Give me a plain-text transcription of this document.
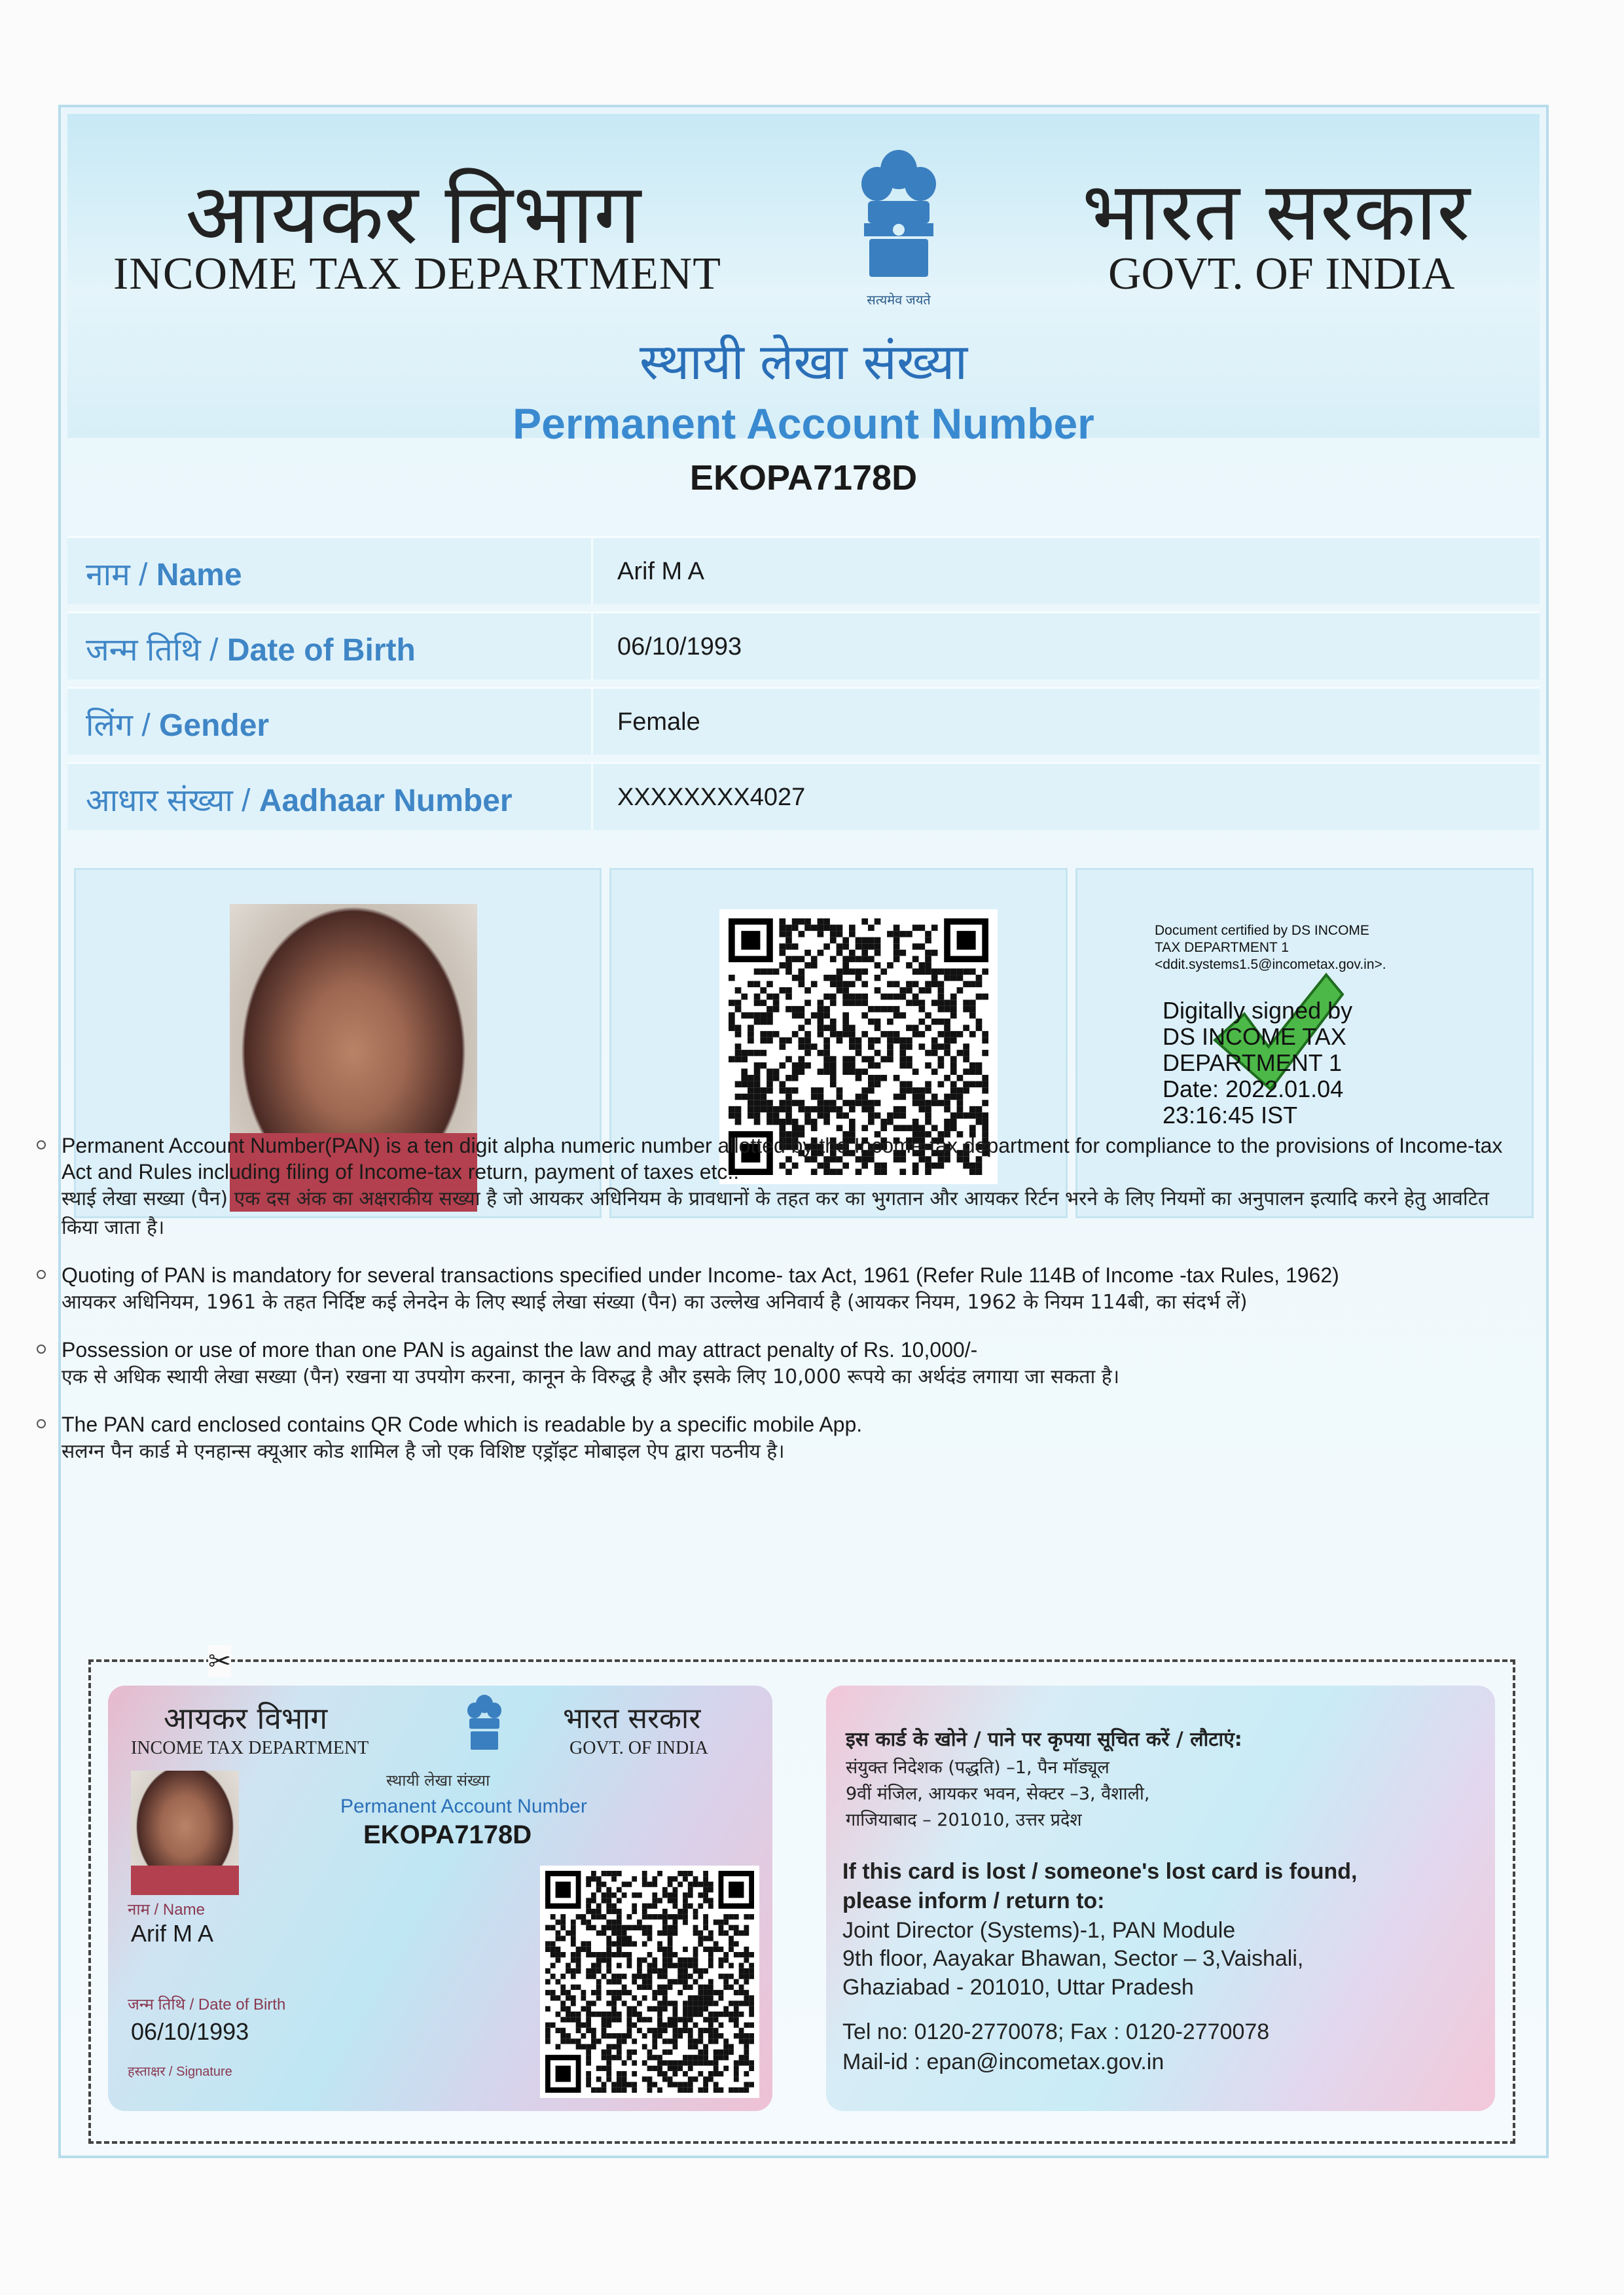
आयकर विभाग
INCOME TAX DEPARTMENT
सत्यमेव जयते
भारत सरकार
GOVT. OF INDIA
स्थायी लेखा संख्या
Permanent Account Number
EKOPA7178D
नाम / Name	Arif M A
जन्म तिथि / Date of Birth	06/10/1993
लिंग / Gender	Female
आधार संख्या / Aadhaar Number	XXXXXXXX4027
Document certified by DS INCOME
TAX DEPARTMENT 1
<ddit.systems1.5@incometax.gov.in>.
Digitally signed by
DS INCOME TAX
DEPARTMENT 1
Date: 2022.01.04
23:16:45 IST
Permanent Account Number(PAN) is a ten digit alpha numeric number allotted by the Income-tax department for compliance to the provisions of Income-tax Act and Rules including filing of Income-tax return, payment of taxes etc..
स्थाई लेखा सख्या (पैन) एक दस अंक का अक्षराकीय सख्या है जो आयकर अधिनियम के प्रावधानों के तहत कर का भुगतान और आयकर रिर्टन भरने के लिए नियमों का अनुपालन इत्यादि करने हेतु आवटित किया जाता है।
Quoting of PAN is mandatory for several transactions specified under Income- tax Act, 1961 (Refer Rule 114B of Income -tax Rules, 1962)
आयकर अधिनियम, 1961 के तहत निर्दिष्ट कई लेनदेन के लिए स्थाई लेखा संख्या (पैन) का उल्लेख अनिवार्य है (आयकर नियम, 1962 के नियम 114बी, का संदर्भ लें)
Possession or use of more than one PAN is against the law and may attract penalty of Rs. 10,000/-
एक से अधिक स्थायी लेखा सख्या (पैन) रखना या उपयोग करना, कानून के विरुद्ध है और इसके लिए 10,000 रूपये का अर्थदंड लगाया जा सकता है।
The PAN card enclosed contains QR Code which is readable by a specific mobile App.
सलग्न पैन कार्ड मे एनहान्स क्यूआर कोड शामिल है जो एक विशिष्ट एड्रॉइट मोबाइल ऐप द्वारा पठनीय है।
✂
आयकर विभाग
INCOME TAX DEPARTMENT
भारत सरकार
GOVT. OF INDIA
स्थायी लेखा संख्या
Permanent Account Number
EKOPA7178D
नाम / Name
Arif M A
जन्म तिथि / Date of Birth
06/10/1993
हस्ताक्षर / Signature
इस कार्ड के खोने / पाने पर कृपया सूचित करें / लौटाएं:
संयुक्त निदेशक (पद्धति) –1, पैन मॉड्यूल
9वीं मंजिल, आयकर भवन, सेक्टर –3, वैशाली,
गाजियाबाद – 201010, उत्तर प्रदेश
If this card is lost / someone's lost card is found,
please inform / return to:
Joint Director (Systems)-1, PAN Module
9th floor, Aayakar Bhawan, Sector – 3,Vaishali,
Ghaziabad - 201010, Uttar Pradesh
Tel no: 0120-2770078; Fax : 0120-2770078
Mail-id : epan@incometax.gov.in
